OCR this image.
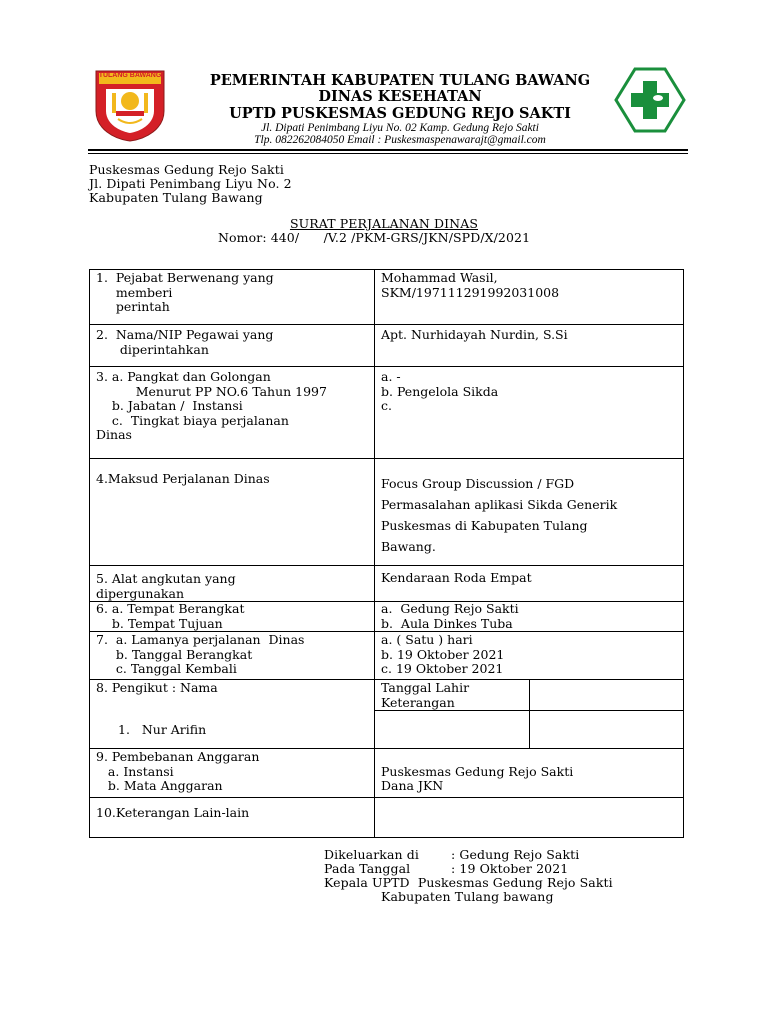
TULANG BAWANG	PEMERINTAH KABUPATEN TULANG BAWANG
DINAS KESEHATAN
UPTD PUSKESMAS GEDUNG REJO SAKTI
Jl. Dipati Penimbang Liyu No. 02 Kamp. Gedung Rejo Sakti
Tlp. 082262084050 Email : Puskesmaspenawarajt@gmail.com
Puskesmas Gedung Rejo Sakti
Jl. Dipati Penimbang Liyu No. 2
Kabupaten Tulang Bawang
SURAT PERJALANAN DINAS
Nomor: 440/      /V.2 /PKM-GRS/JKN/SPD/X/2021
1.  Pejabat Berwenang yang
memberi
perintah	Mohammad Wasil,
SKM/197111291992031008	

2.  Nama/NIP Pegawai yang
diperintahkan	Apt. Nurhidayah Nurdin, S.Si	

3. a. Pangkat dan Golongan
Menurut PP NO.6 Tahun 1997
b. Jabatan /  Instansi
c.  Tingkat biaya perjalanan
Dinas	a. -
b. Pengelola Sikda
c.	

4.Maksud Perjalanan Dinas	Focus Group Discussion / FGD
Permasalahan aplikasi Sikda Generik
Puskesmas di Kabupaten Tulang
Bawang.	

5. Alat angkutan yang
dipergunakan	Kendaraan Roda Empat	

6. a. Tempat Berangkat
b. Tempat Tujuan	a.  Gedung Rejo Sakti
b.  Aula Dinkes Tuba	

7.  a. Lamanya perjalanan  Dinas
b. Tanggal Berangkat
c. Tanggal Kembali	a. ( Satu ) hari
b. 19 Oktober 2021
c. 19 Oktober 2021	

8. Pengikut : Nama	Tanggal Lahir
Keterangan	

1.   Nur Arifin		

9. Pembebanan Anggaran
a. Instansi
b. Mata Anggaran	Puskesmas Gedung Rejo Sakti
Dana JKN	

10.Keterangan Lain-lain		

Dikeluarkan di	: Gedung Rejo Sakti
Pada Tanggal	: 19 Oktober 2021
Kepala UPTD  Puskesmas Gedung Rejo Sakti
Kabupaten Tulang bawang
